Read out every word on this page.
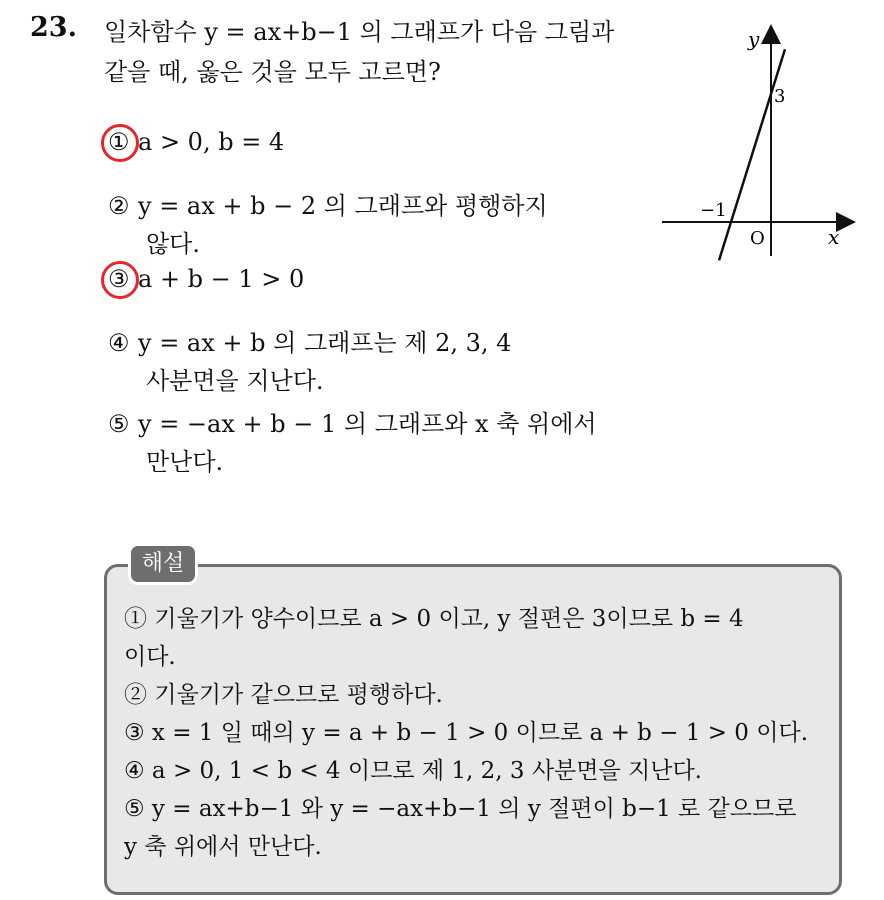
23. 일차함수 y = ax+b−1 의 그래프가 다음 그림과
같을 때, 옳은 것을 모두 고르면?
① a > 0, b = 4
② y = ax + b − 2 의 그래프와 평행하지
않다.
③ a + b − 1 > 0
④ y = ax + b 의 그래프는 제 2, 3, 4
사분면을 지난다.
⑤ y = −ax + b − 1 의 그래프와 x 축 위에서
만난다.
y
x
O
3
−1
해설
① 기울기가 양수이므로 a > 0 이고, y 절편은 3이므로 b = 4
이다.
② 기울기가 같으므로 평행하다.
③ x = 1 일 때의 y = a + b − 1 > 0 이므로 a + b − 1 > 0 이다.
④ a > 0, 1 < b < 4 이므로 제 1, 2, 3 사분면을 지난다.
⑤ y = ax+b−1 와 y = −ax+b−1 의 y 절편이 b−1 로 같으므로
y 축 위에서 만난다.
